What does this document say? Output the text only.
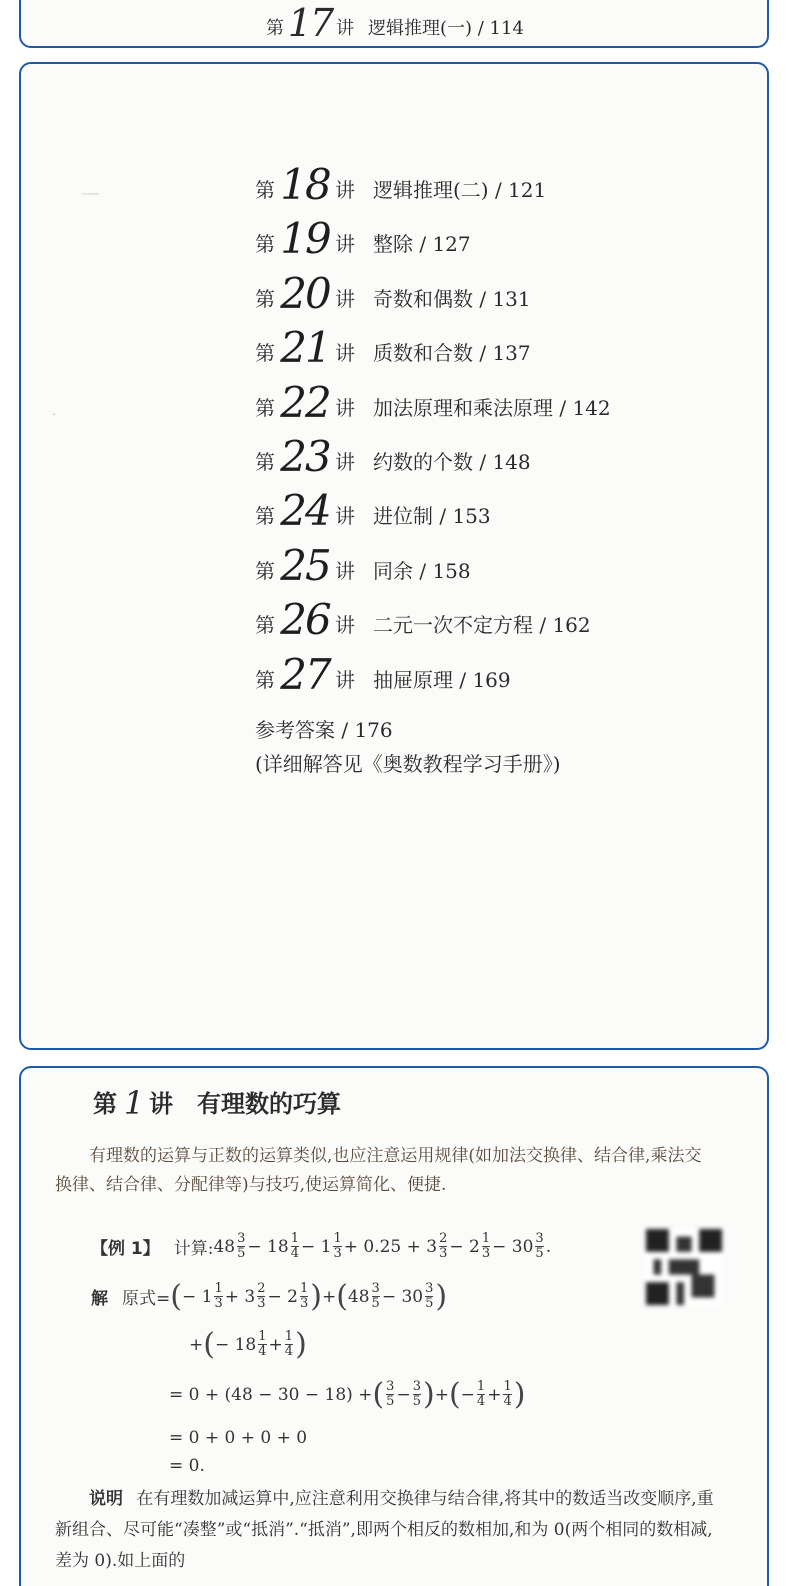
第 17 讲 逻辑推理(一) / 114
—
·
第 18 讲 逻辑推理(二) / 121
第 19 讲 整除 / 127
第 20 讲 奇数和偶数 / 131
第 21 讲 质数和合数 / 137
第 22 讲 加法原理和乘法原理 / 142
第 23 讲 约数的个数 / 148
第 24 讲 进位制 / 153
第 25 讲 同余 / 158
第 26 讲 二元一次不定方程 / 162
第 27 讲 抽屉原理 / 169
参考答案 / 176
(详细解答见《奥数教程学习手册》)
第 1 讲 有理数的巧算
有理数的运算与正数的运算类似,也应注意运用规律(如加法交换律、结合律,乘法交换律、结合律、分配律等)与技巧,使运算简化、便捷.
【例 1】 计算: $48 \frac{3}{5} - 18 \frac{1}{4} - 1 \frac{1}{3} + 0.25 + 3 \frac{2}{3} - 2 \frac{1}{3} - 30 \frac{3}{5}$ .
解 原式= ( − $1 \frac{1}{3} + 3 \frac{2}{3} - 2 \frac{1}{3}$ ) + ( $48 \frac{3}{5} - 30 \frac{3}{5}$ )
+ ( − $18 \frac{1}{4} + \frac{1}{4}$ )
= 0 + (48 − 30 − 18) + ( $\frac{3}{5} - \frac{3}{5}$ ) + ( − $\frac{1}{4} + \frac{1}{4}$ )
= 0 + 0 + 0 + 0
= 0.
说明 在有理数加减运算中,应注意利用交换律与结合律,将其中的数适当改变顺序,重新组合、尽可能“凑整”或“抵消”.“抵消”,即两个相反的数相加,和为 0(两个相同的数相减,差为 0).如上面的
